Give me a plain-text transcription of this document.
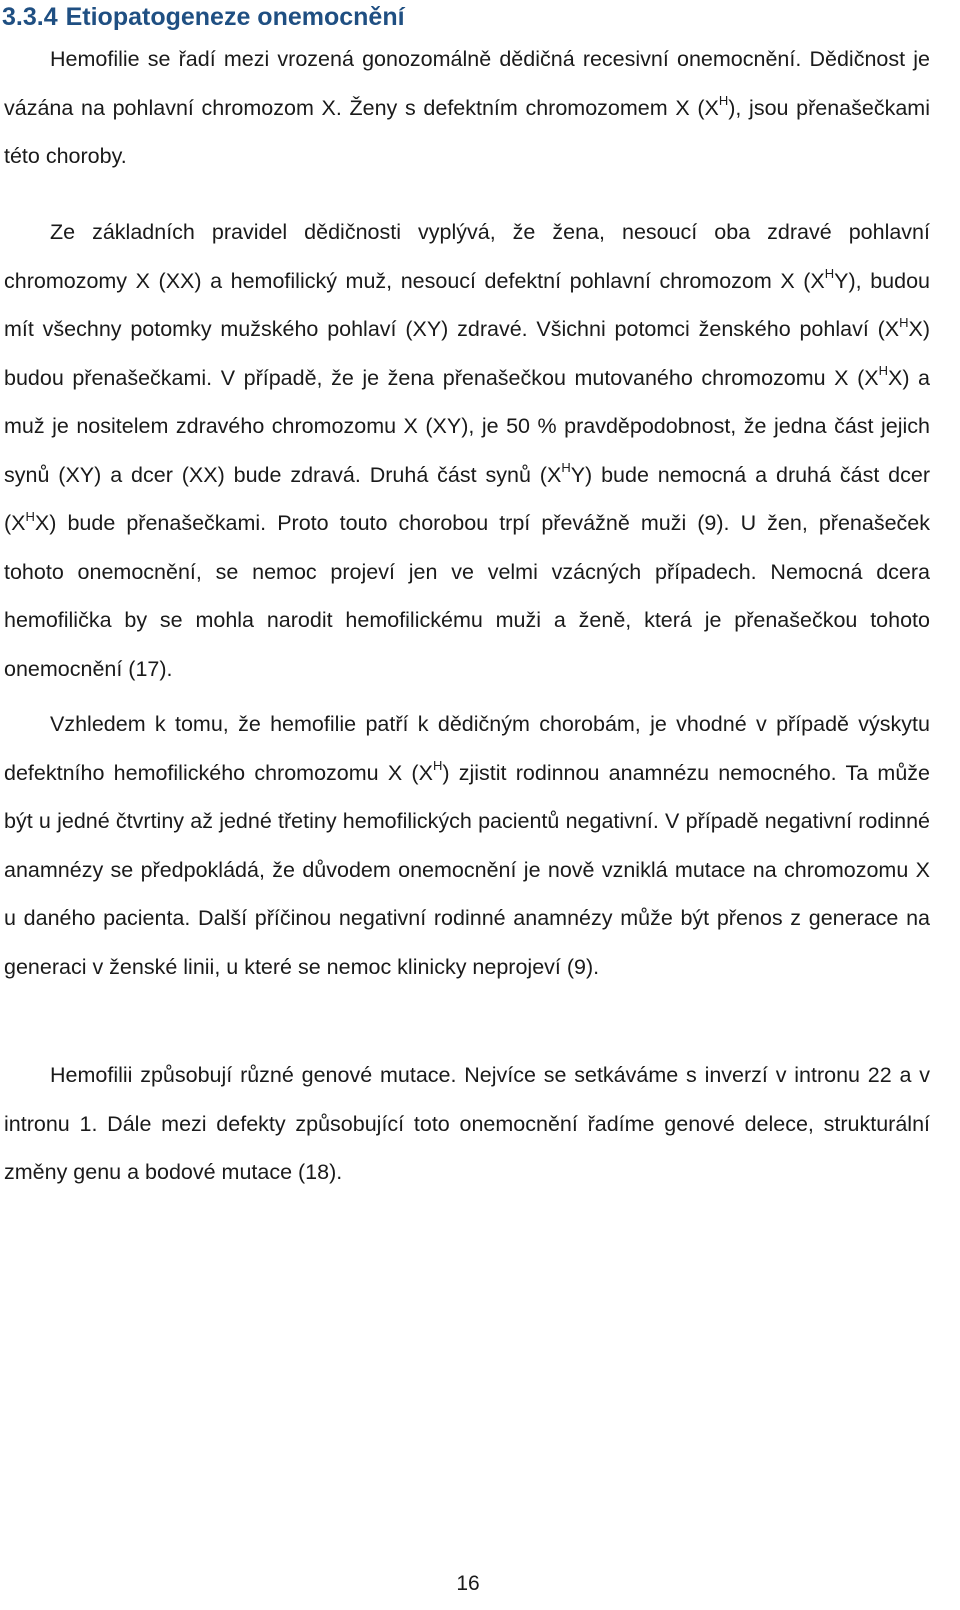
3.3.4 Etiopatogeneze onemocnění

Hemofilie se řadí mezi vrozená gonozomálně dědičná recesivní onemocnění. Dědičnost je vázána na pohlavní chromozom X. Ženy s defektním chromozomem X $(X^H)$, jsou přenašečkami této choroby.

Ze základních pravidel dědičnosti vyplývá, že žena, nesoucí oba zdravé pohlavní chromozomy X (XX) a hemofilický muž, nesoucí defektní pohlavní chromozom X $(X^HY)$, budou mít všechny potomky mužského pohlaví (XY) zdravé. Všichni potomci ženského pohlaví $(X^HX)$ budou přenašečkami. V případě, že je žena přenašečkou mutovaného chromozomu X $(X^HX)$ a muž je nositelem zdravého chromozomu X (XY), je 50 % pravděpodobnost, že jedna část jejich synů (XY) a dcer (XX) bude zdravá. Druhá část synů $(X^HY)$ bude nemocná a druhá část dcer $(X^HX)$ bude přenašečkami. Proto touto chorobou trpí převážně muži (9). U žen, přenašeček tohoto onemocnění, se nemoc projeví jen ve velmi vzácných případech. Nemocná dcera hemofilička by se mohla narodit hemofilickému muži a ženě, která je přenašečkou tohoto onemocnění (17).

Vzhledem k tomu, že hemofilie patří k dědičným chorobám, je vhodné v případě výskytu defektního hemofilického chromozomu X $(X^H)$ zjistit rodinnou anamnézu nemocného. Ta může být u jedné čtvrtiny až jedné třetiny hemofilických pacientů negativní. V případě negativní rodinné anamnézy se předpokládá, že důvodem onemocnění je nově vzniklá mutace na chromozomu X u daného pacienta. Další příčinou negativní rodinné anamnézy může být přenos z generace na generaci v ženské linii, u které se nemoc klinicky neprojeví (9).

Hemofilii způsobují různé genové mutace. Nejvíce se setkáváme s inverzí v intronu 22 a v intronu 1. Dále mezi defekty způsobující toto onemocnění řadíme genové delece, strukturální změny genu a bodové mutace (18).

16
